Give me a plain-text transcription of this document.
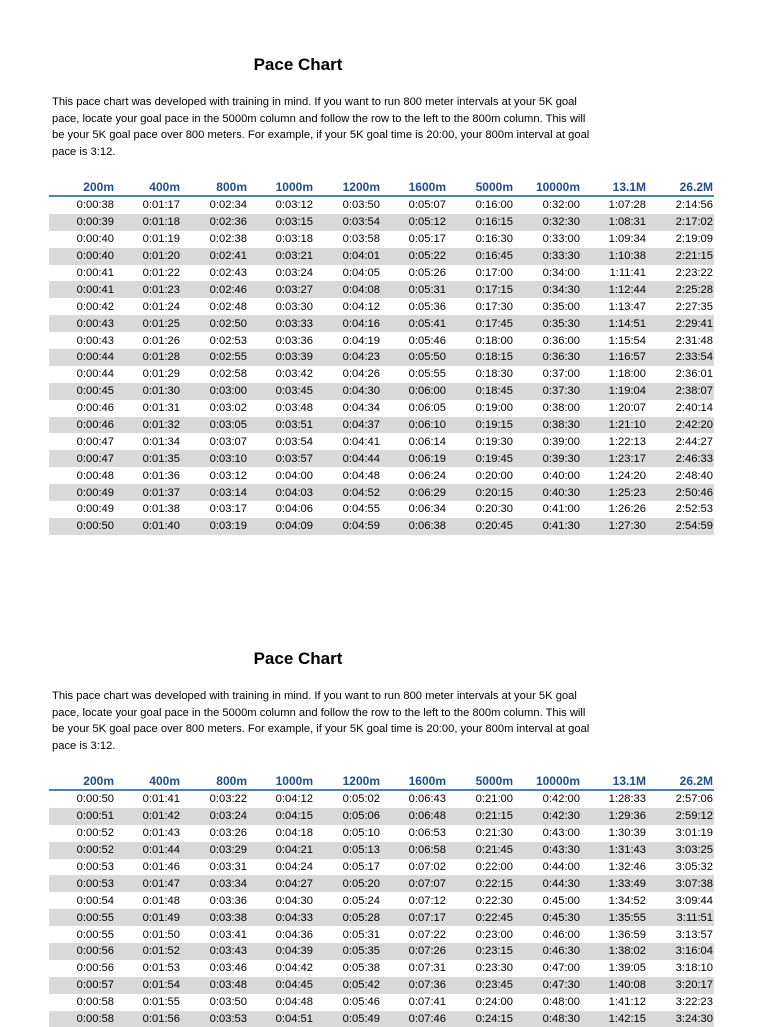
Pace Chart
This pace chart was developed with training in mind. If you want to run 800 meter intervals at your 5K goal
pace, locate your goal pace in the 5000m column and follow the row to the left to the 800m column. This will
be your 5K goal pace over 800 meters. For example, if your 5K goal time is 20:00, your 800m interval at goal
pace is 3:12.
200m	400m	800m	1000m	1200m	1600m	5000m	10000m	13.1M	26.2M
0:00:38	0:01:17	0:02:34	0:03:12	0:03:50	0:05:07	0:16:00	0:32:00	1:07:28	2:14:56
0:00:39	0:01:18	0:02:36	0:03:15	0:03:54	0:05:12	0:16:15	0:32:30	1:08:31	2:17:02
0:00:40	0:01:19	0:02:38	0:03:18	0:03:58	0:05:17	0:16:30	0:33:00	1:09:34	2:19:09
0:00:40	0:01:20	0:02:41	0:03:21	0:04:01	0:05:22	0:16:45	0:33:30	1:10:38	2:21:15
0:00:41	0:01:22	0:02:43	0:03:24	0:04:05	0:05:26	0:17:00	0:34:00	1:11:41	2:23:22
0:00:41	0:01:23	0:02:46	0:03:27	0:04:08	0:05:31	0:17:15	0:34:30	1:12:44	2:25:28
0:00:42	0:01:24	0:02:48	0:03:30	0:04:12	0:05:36	0:17:30	0:35:00	1:13:47	2:27:35
0:00:43	0:01:25	0:02:50	0:03:33	0:04:16	0:05:41	0:17:45	0:35:30	1:14:51	2:29:41
0:00:43	0:01:26	0:02:53	0:03:36	0:04:19	0:05:46	0:18:00	0:36:00	1:15:54	2:31:48
0:00:44	0:01:28	0:02:55	0:03:39	0:04:23	0:05:50	0:18:15	0:36:30	1:16:57	2:33:54
0:00:44	0:01:29	0:02:58	0:03:42	0:04:26	0:05:55	0:18:30	0:37:00	1:18:00	2:36:01
0:00:45	0:01:30	0:03:00	0:03:45	0:04:30	0:06:00	0:18:45	0:37:30	1:19:04	2:38:07
0:00:46	0:01:31	0:03:02	0:03:48	0:04:34	0:06:05	0:19:00	0:38:00	1:20:07	2:40:14
0:00:46	0:01:32	0:03:05	0:03:51	0:04:37	0:06:10	0:19:15	0:38:30	1:21:10	2:42:20
0:00:47	0:01:34	0:03:07	0:03:54	0:04:41	0:06:14	0:19:30	0:39:00	1:22:13	2:44:27
0:00:47	0:01:35	0:03:10	0:03:57	0:04:44	0:06:19	0:19:45	0:39:30	1:23:17	2:46:33
0:00:48	0:01:36	0:03:12	0:04:00	0:04:48	0:06:24	0:20:00	0:40:00	1:24:20	2:48:40
0:00:49	0:01:37	0:03:14	0:04:03	0:04:52	0:06:29	0:20:15	0:40:30	1:25:23	2:50:46
0:00:49	0:01:38	0:03:17	0:04:06	0:04:55	0:06:34	0:20:30	0:41:00	1:26:26	2:52:53
0:00:50	0:01:40	0:03:19	0:04:09	0:04:59	0:06:38	0:20:45	0:41:30	1:27:30	2:54:59
Pace Chart
This pace chart was developed with training in mind. If you want to run 800 meter intervals at your 5K goal
pace, locate your goal pace in the 5000m column and follow the row to the left to the 800m column. This will
be your 5K goal pace over 800 meters. For example, if your 5K goal time is 20:00, your 800m interval at goal
pace is 3:12.
200m	400m	800m	1000m	1200m	1600m	5000m	10000m	13.1M	26.2M
0:00:50	0:01:41	0:03:22	0:04:12	0:05:02	0:06:43	0:21:00	0:42:00	1:28:33	2:57:06
0:00:51	0:01:42	0:03:24	0:04:15	0:05:06	0:06:48	0:21:15	0:42:30	1:29:36	2:59:12
0:00:52	0:01:43	0:03:26	0:04:18	0:05:10	0:06:53	0:21:30	0:43:00	1:30:39	3:01:19
0:00:52	0:01:44	0:03:29	0:04:21	0:05:13	0:06:58	0:21:45	0:43:30	1:31:43	3:03:25
0:00:53	0:01:46	0:03:31	0:04:24	0:05:17	0:07:02	0:22:00	0:44:00	1:32:46	3:05:32
0:00:53	0:01:47	0:03:34	0:04:27	0:05:20	0:07:07	0:22:15	0:44:30	1:33:49	3:07:38
0:00:54	0:01:48	0:03:36	0:04:30	0:05:24	0:07:12	0:22:30	0:45:00	1:34:52	3:09:44
0:00:55	0:01:49	0:03:38	0:04:33	0:05:28	0:07:17	0:22:45	0:45:30	1:35:55	3:11:51
0:00:55	0:01:50	0:03:41	0:04:36	0:05:31	0:07:22	0:23:00	0:46:00	1:36:59	3:13:57
0:00:56	0:01:52	0:03:43	0:04:39	0:05:35	0:07:26	0:23:15	0:46:30	1:38:02	3:16:04
0:00:56	0:01:53	0:03:46	0:04:42	0:05:38	0:07:31	0:23:30	0:47:00	1:39:05	3:18:10
0:00:57	0:01:54	0:03:48	0:04:45	0:05:42	0:07:36	0:23:45	0:47:30	1:40:08	3:20:17
0:00:58	0:01:55	0:03:50	0:04:48	0:05:46	0:07:41	0:24:00	0:48:00	1:41:12	3:22:23
0:00:58	0:01:56	0:03:53	0:04:51	0:05:49	0:07:46	0:24:15	0:48:30	1:42:15	3:24:30
